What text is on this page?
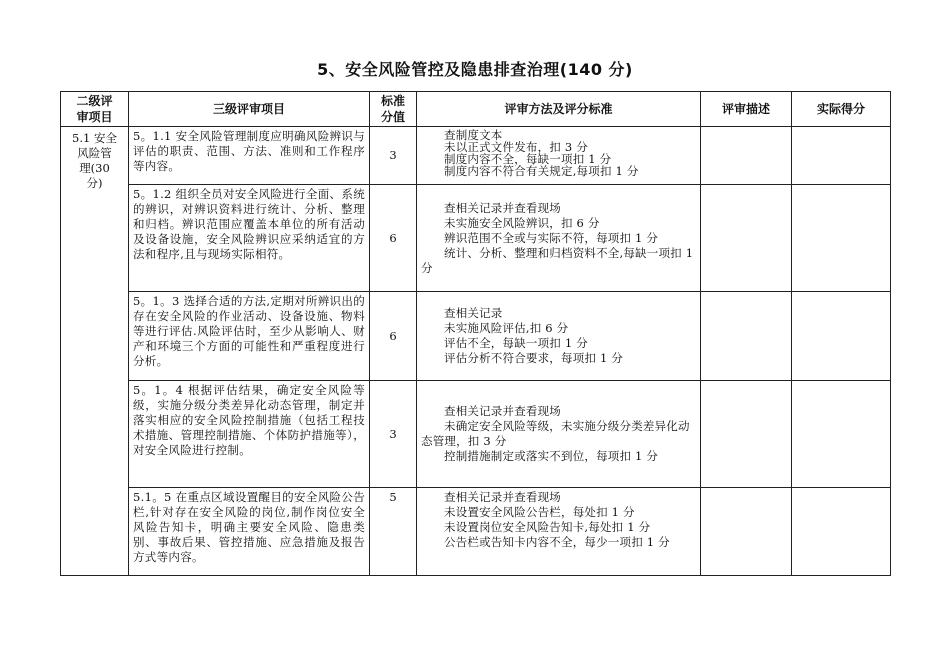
5、安全风险管控及隐患排查治理(140 分)
二级评
审项目	三级评审项目	标准
分值	评审方法及评分标准	评审描述	实际得分
5.1 安全
风险管
理(30
分)	5。1.1 安全风险管理制度应明确风险辨识与评估的职责、范围、方法、准则和工作程序等内容。	3	查制度文本
未以正式文件发布，扣 3 分
制度内容不全，每缺一项扣 1 分
制度内容不符合有关规定,每项扣 1 分		

	5。1.2 组织全员对安全风险进行全面、系统的辨识，对辨识资料进行统计、分析、整理和归档。辨识范围应覆盖本单位的所有活动及设备设施，安全风险辨识应采纳适宜的方法和程序,且与现场实际相符。	6	查相关记录并查看现场
未实施安全风险辨识，扣 6 分
辨识范围不全或与实际不符，每项扣 1 分
统计、分析、整理和归档资料不全,每缺一项扣 1 分		

	5。1。3 选择合适的方法,定期对所辨识出的存在安全风险的作业活动、设备设施、物料等进行评估.风险评估时，至少从影响人、财产和环境三个方面的可能性和严重程度进行分析。	6	查相关记录
未实施风险评估,扣 6 分
评估不全，每缺一项扣 1 分
评估分析不符合要求，每项扣 1 分		

	5。1。4 根据评估结果，确定安全风险等级，实施分级分类差异化动态管理，制定并落实相应的安全风险控制措施（包括工程技术措施、管理控制措施、个体防护措施等），对安全风险进行控制。	3	查相关记录并查看现场
未确定安全风险等级，未实施分级分类差异化动态管理，扣 3 分
控制措施制定或落实不到位，每项扣 1 分		

	5.1。5 在重点区域设置醒目的安全风险公告栏,针对存在安全风险的岗位,制作岗位安全风险告知卡，明确主要安全风险、隐患类别、事故后果、管控措施、应急措施及报告方式等内容。	5	查相关记录并查看现场
未设置安全风险公告栏，每处扣 1 分
未设置岗位安全风险告知卡,每处扣 1 分
公告栏或告知卡内容不全，每少一项扣 1 分		
